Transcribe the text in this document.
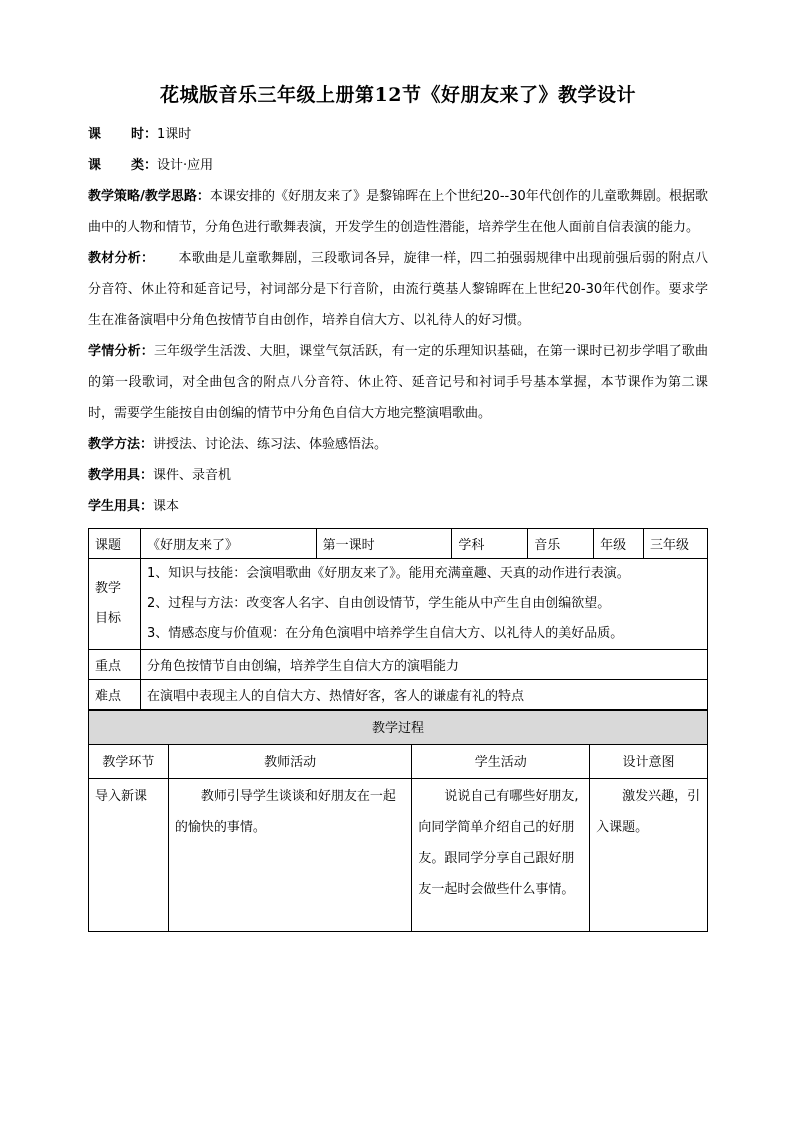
花城版音乐三年级上册第12节《好朋友来了》教学设计
课 时：1课时
课 类：设计·应用
教学策略/教学思路：本课安排的《好朋友来了》是黎锦晖在上个世纪20--30年代创作的儿童歌舞剧。根据歌曲中的人物和情节，分角色进行歌舞表演，开发学生的创造性潜能，培养学生在他人面前自信表演的能力。
教材分析： 本歌曲是儿童歌舞剧，三段歌词各异，旋律一样，四二拍强弱规律中出现前强后弱的附点八分音符、休止符和延音记号，衬词部分是下行音阶，由流行奠基人黎锦晖在上世纪20-30年代创作。要求学生在准备演唱中分角色按情节自由创作，培养自信大方、以礼待人的好习惯。
学情分析：三年级学生活泼、大胆，课堂气氛活跃，有一定的乐理知识基础，在第一课时已初步学唱了歌曲的第一段歌词，对全曲包含的附点八分音符、休止符、延音记号和衬词手号基本掌握，本节课作为第二课时，需要学生能按自由创编的情节中分角色自信大方地完整演唱歌曲。
教学方法：讲授法、讨论法、练习法、体验感悟法。
教学用具：课件、录音机
学生用具：课本
课题	《好朋友来了》	第一课时	学科	音乐	年级	三年级
教学目标	1、知识与技能：会演唱歌曲《好朋友来了》。能用充满童趣、天真的动作进行表演。
2、过程与方法：改变客人名字、自由创设情节，学生能从中产生自由创编欲望。
3、情感态度与价值观：在分角色演唱中培养学生自信大方、以礼待人的美好品质。					

重点	分角色按情节自由创编，培养学生自信大方的演唱能力					
难点	在演唱中表现主人的自信大方、热情好客，客人的谦虚有礼的特点					
教学过程			
教学环节	教师活动	学生活动	设计意图
导入新课	教师引导学生谈谈和好朋友在一起的愉快的事情。	说说自己有哪些好朋友,向同学简单介绍自己的好朋友。跟同学分享自己跟好朋友一起时会做些什么事情。	激发兴趣，引入课题。
